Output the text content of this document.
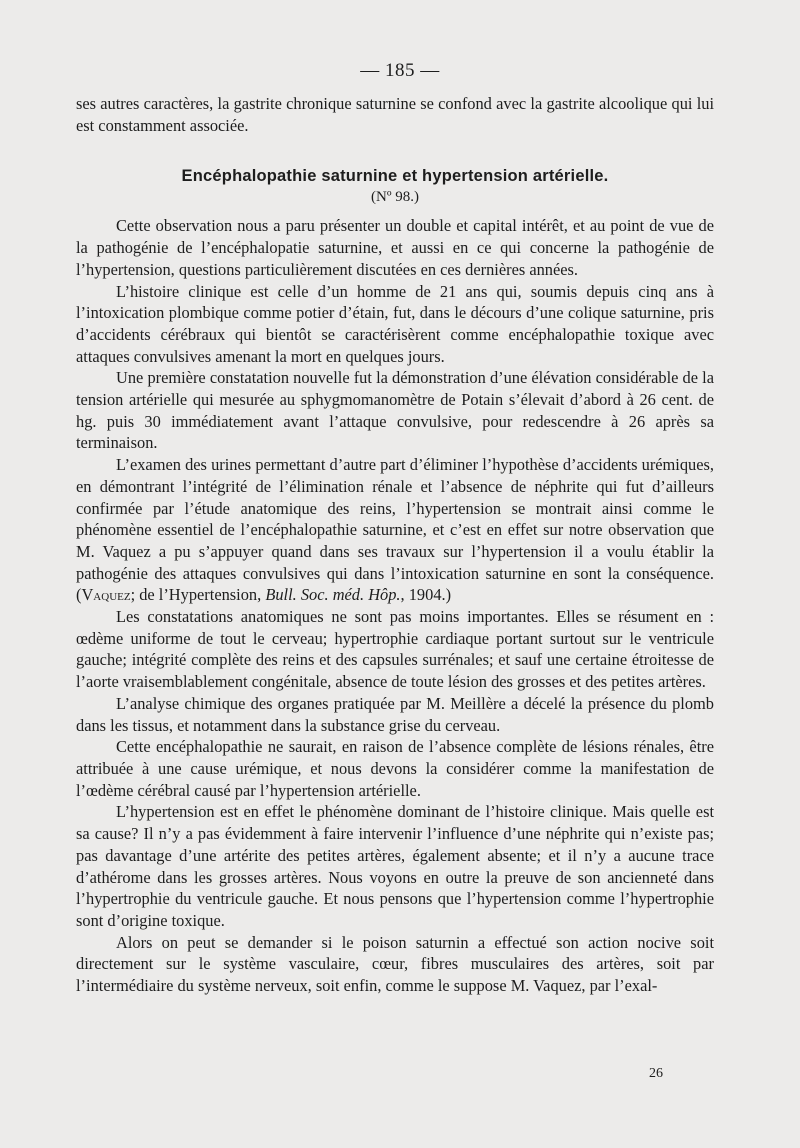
— 185 —

ses autres caractères, la gastrite chronique saturnine se confond avec la gastrite alcoolique qui lui est constamment associée.

Encéphalopathie saturnine et hypertension artérielle.

(Nº 98.)

Cette observation nous a paru présenter un double et capital intérêt, et au point de vue de la pathogénie de l’encéphalopatie saturnine, et aussi en ce qui concerne la pathogénie de l’hypertension, questions particulièrement discutées en ces dernières années.

L’histoire clinique est celle d’un homme de 21 ans qui, soumis depuis cinq ans à l’intoxication plombique comme potier d’étain, fut, dans le décours d’une colique saturnine, pris d’accidents cérébraux qui bientôt se caractérisèrent comme encéphalopathie toxique avec attaques convulsives amenant la mort en quelques jours.

Une première constatation nouvelle fut la démonstration d’une élévation considérable de la tension artérielle qui mesurée au sphygmomanomètre de Potain s’élevait d’abord à 26 cent. de hg. puis 30 immédiatement avant l’attaque convulsive, pour redescendre à 26 après sa terminaison.

L’examen des urines permettant d’autre part d’éliminer l’hypothèse d’accidents urémiques, en démontrant l’intégrité de l’élimination rénale et l’absence de néphrite qui fut d’ailleurs confirmée par l’étude anatomique des reins, l’hypertension se montrait ainsi comme le phénomène essentiel de l’encéphalopathie saturnine, et c’est en effet sur notre observation que M. Vaquez a pu s’appuyer quand dans ses travaux sur l’hypertension il a voulu établir la pathogénie des attaques convulsives qui dans l’intoxication saturnine en sont la conséquence. (Vaquez; de l’Hypertension, Bull. Soc. méd. Hôp., 1904.)

Les constatations anatomiques ne sont pas moins importantes. Elles se résument en : œdème uniforme de tout le cerveau; hypertrophie cardiaque portant surtout sur le ventricule gauche; intégrité complète des reins et des capsules surrénales; et sauf une certaine étroitesse de l’aorte vraisemblablement congénitale, absence de toute lésion des grosses et des petites artères.

L’analyse chimique des organes pratiquée par M. Meillère a décelé la présence du plomb dans les tissus, et notamment dans la substance grise du cerveau.

Cette encéphalopathie ne saurait, en raison de l’absence complète de lésions rénales, être attribuée à une cause urémique, et nous devons la considérer comme la manifestation de l’œdème cérébral causé par l’hypertension artérielle.

L’hypertension est en effet le phénomène dominant de l’histoire clinique. Mais quelle est sa cause? Il n’y a pas évidemment à faire intervenir l’influence d’une néphrite qui n’existe pas; pas davantage d’une artérite des petites artères, également absente; et il n’y a aucune trace d’athérome dans les grosses artères. Nous voyons en outre la preuve de son ancienneté dans l’hypertrophie du ventricule gauche. Et nous pensons que l’hypertension comme l’hypertrophie sont d’origine toxique.

Alors on peut se demander si le poison saturnin a effectué son action nocive soit directement sur le système vasculaire, cœur, fibres musculaires des artères, soit par l’intermédiaire du système nerveux, soit enfin, comme le suppose M. Vaquez, par l’exal-

26
